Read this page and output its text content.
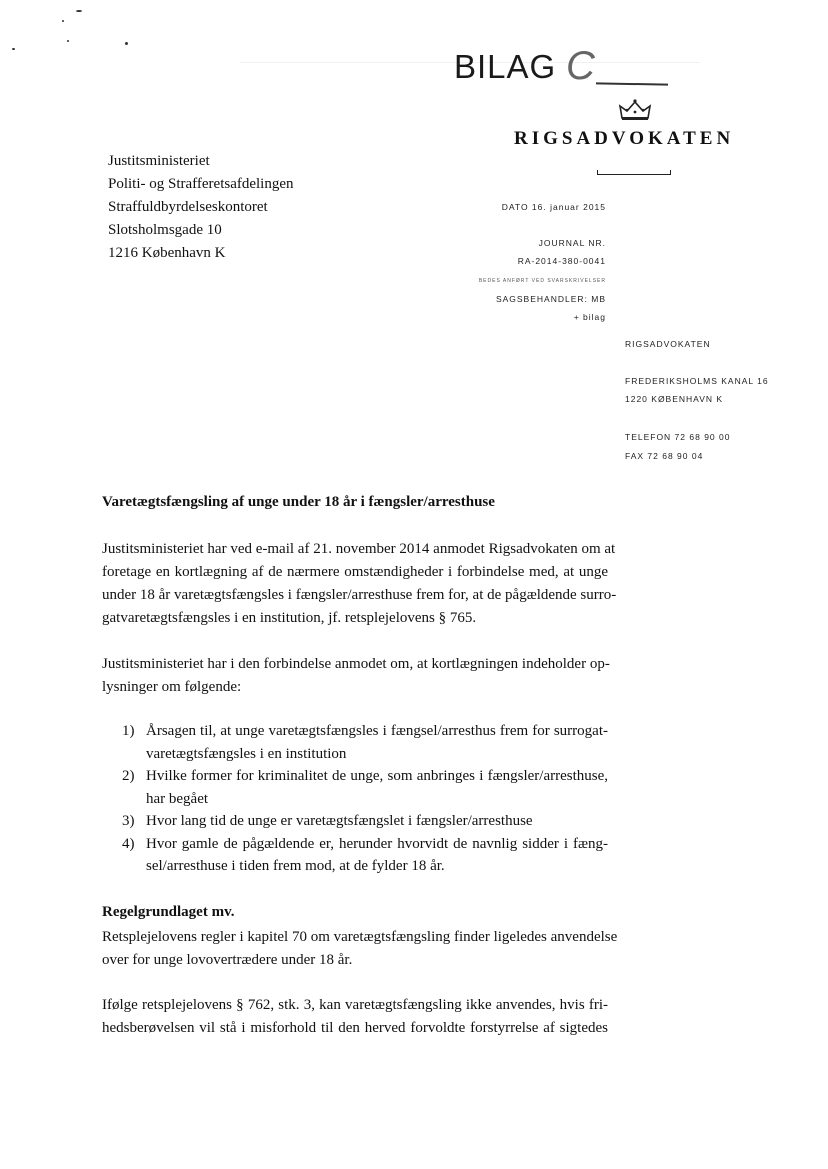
BILAG C
RIGSADVOKATEN
Justitsministeriet
Politi- og Strafferetsafdelingen
Straffuldbyrdelseskontoret
Slotsholmsgade 10
1216 København K
DATO 16. januar 2015
JOURNAL NR.
RA-2014-380-0041
BEDES ANFØRT VED SVARSKRIVELSER
SAGSBEHANDLER: MB
+ bilag
RIGSADVOKATEN
FREDERIKSHOLMS KANAL 16
1220 KØBENHAVN K
TELEFON 72 68 90 00
FAX 72 68 90 04
Varetægtsfængsling af unge under 18 år i fængsler/arresthuse
Justitsministeriet har ved e-mail af 21. november 2014 anmodet Rigsadvokaten om at
foretage en kortlægning af de nærmere omstændigheder i forbindelse med, at unge
under 18 år varetægtsfængsles i fængsler/arresthuse frem for, at de pågældende surro-
gatvaretægtsfængsles i en institution, jf. retsplejelovens § 765.
Justitsministeriet har i den forbindelse anmodet om, at kortlægningen indeholder op-
lysninger om følgende:
1) Årsagen til, at unge varetægtsfængsles i fængsel/arresthus frem for surrogat-
varetægtsfængsles i en institution
2) Hvilke former for kriminalitet de unge, som anbringes i fængsler/arresthuse,
har begået
3) Hvor lang tid de unge er varetægtsfængslet i fængsler/arresthuse
4) Hvor gamle de pågældende er, herunder hvorvidt de navnlig sidder i fæng-
sel/arresthuse i tiden frem mod, at de fylder 18 år.
Regelgrundlaget mv.
Retsplejelovens regler i kapitel 70 om varetægtsfængsling finder ligeledes anvendelse
over for unge lovovertrædere under 18 år.
Ifølge retsplejelovens § 762, stk. 3, kan varetægtsfængsling ikke anvendes, hvis fri-
hedsberøvelsen vil stå i misforhold til den herved forvoldte forstyrrelse af sigtedes
